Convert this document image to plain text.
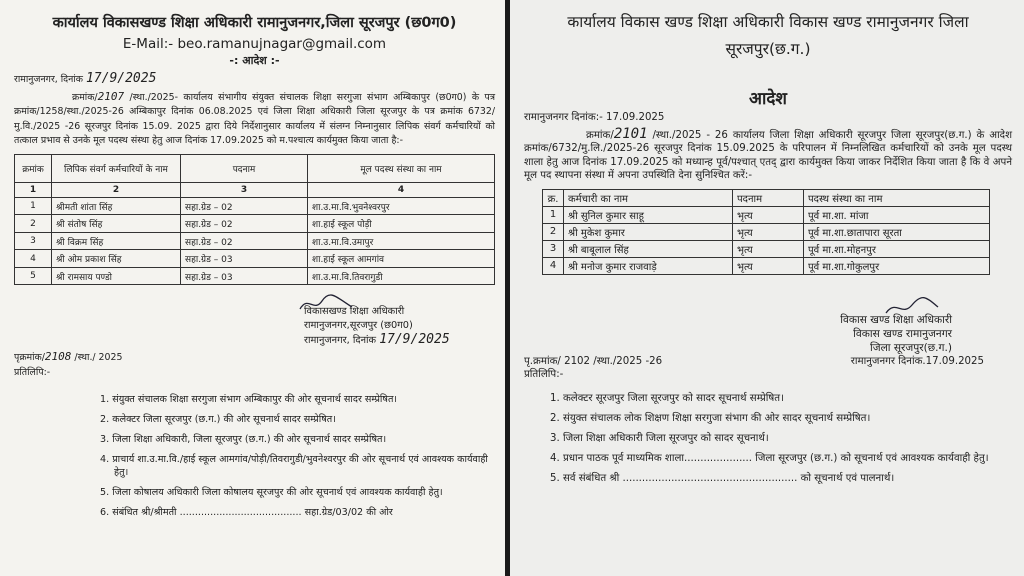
कार्यालय विकासखण्ड शिक्षा अधिकारी रामानुजनगर,जिला सूरजपुर (छ0ग0)
E-Mail:- beo.ramanujnagar@gmail.com
-: आदेश :-
रामानुजनगर, दिनांक 17/9/2025
क्रमांक/2107 /स्था./2025- कार्यालय संभागीय संयुक्त संचालक शिक्षा सरगुजा संभाग अम्बिकापुर (छ0ग0) के पत्र क्रमांक/1258/स्था./2025-26 अम्बिकापुर दिनांक 06.08.2025 एवं जिला शिक्षा अधिकारी जिला सूरजपुर के पत्र क्रमांक 6732/मु.वि./2025 -26 सूरजपुर दिनांक 15.09. 2025 द्वारा दिये निर्देशानुसार कार्यालय में संलग्न निम्नानुसार लिपिक संवर्ग कर्मचारियों को तत्काल प्रभाव से उनके मूल पदस्थ संस्था हेतु आज दिनांक 17.09.2025 को म.पश्चात्य कार्यमुक्त किया जाता है:-
क्रमांक	लिपिक संवर्ग कर्मचारियों के नाम	पदनाम	मूल पदस्थ संस्था का नाम
1	2	3	4
1	श्रीमती शांता सिंह	सहा.ग्रेड – 02	शा.उ.मा.वि.भुवनेश्वरपुर
2	श्री संतोष सिंह	सहा.ग्रेड – 02	शा.हाई स्कूल पोड़ी
3	श्री विक्रम सिंह	सहा.ग्रेड – 02	शा.उ.मा.वि.उमापुर
4	श्री ओम प्रकाश सिंह	सहा.ग्रेड – 03	शा.हाई स्कूल आमगांव
5	श्री रामसाय पण्डो	सहा.ग्रेड – 03	शा.उ.मा.वि.तिवरागुडी
विकासखण्ड शिक्षा अधिकारी
रामानुजनगर,सूरजपुर (छ0ग0)
रामानुजनगर, दिनांक 17/9/2025
पृक्रमांक/2108 /स्था./ 2025
प्रतिलिपि:-
1. संयुक्त संचालक शिक्षा सरगुजा संभाग अम्बिकापुर की ओर सूचनार्थ सादर सम्प्रेषित।
2. कलेक्टर जिला सूरजपुर (छ.ग.) की ओर सूचनार्थ सादर सम्प्रेषित।
3. जिला शिक्षा अधिकारी, जिला सूरजपुर (छ.ग.) की ओर सूचनार्थ सादर सम्प्रेषित।
4. प्राचार्य शा.उ.मा.वि./हाई स्कूल आमगांव/पोड़ी/तिवरागुडी/भुवनेश्वरपुर की ओर सूचनार्थ एवं आवश्यक कार्यवाही हेतु।
5. जिला कोषालय अधिकारी जिला कोषालय सूरजपुर की ओर सूचनार्थ एवं आवश्यक कार्यवाही हेतु।
6. संबंधित श्री/श्रीमती ........................................ सहा.ग्रेड/03/02 की ओर
कार्यालय विकास खण्ड शिक्षा अधिकारी विकास खण्ड रामानुजनगर जिला
सूरजपुर(छ.ग.)
आदेश
रामानुजनगर दिनांक:- 17.09.2025
क्रमांक/2101 /स्था./2025 - 26 कार्यालय जिला शिक्षा अधिकारी सूरजपुर जिला सूरजपुर(छ.ग.) के आदेश क्रमांक/6732/मु.लि./2025-26 सूरजपुर दिनांक 15.09.2025 के परिपालन में निम्नलिखित कर्मचारियों को उनके मूल पदस्थ शाला हेतु आज दिनांक 17.09.2025 को मध्यान्ह पूर्व/पश्चात् एतद् द्वारा कार्यमुक्त किया जाकर निर्देशित किया जाता है कि वे अपने मूल पद स्थापना संस्था में अपना उपस्थिति देना सुनिश्चित करें:-
क्र.	कर्मचारी का नाम	पदनाम	पदस्थ संस्था का नाम
1	श्री सुनिल कुमार साहू	भृत्य	पूर्व मा.शा. मांजा
2	श्री मुकेश कुमार	भृत्य	पूर्व मा.शा.छातापारा सूरता
3	श्री बाबूलाल सिंह	भृत्य	पूर्व मा.शा.मोहनपुर
4	श्री मनोज कुमार राजवाड़े	भृत्य	पूर्व मा.शा.गोकुलपुर
विकास खण्ड शिक्षा अधिकारी
विकास खण्ड रामानुजनगर
जिला सूरजपुर(छ.ग.)
पृ.क्रमांक/ 2102 /स्था./2025 -26	रामानुजनगर दिनांक.17.09.2025
प्रतिलिपि:-
1. कलेक्टर सूरजपुर जिला सूरजपुर को सादर सूचनार्थ सम्प्रेषित।
2. संयुक्त संचालक लोक शिक्षण शिक्षा सरगुजा संभाग की ओर सादर सूचनार्थ सम्प्रेषित।
3. जिला शिक्षा अधिकारी जिला सूरजपुर को सादर सूचनार्थ।
4. प्रधान पाठक पूर्व माध्यमिक शाला..................... जिला सूरजपुर (छ.ग.) को सूचनार्थ एवं आवश्यक कार्यवाही हेतु।
5. सर्व संबंधित श्री ...................................................... को सूचनार्थ एवं पालनार्थ।
